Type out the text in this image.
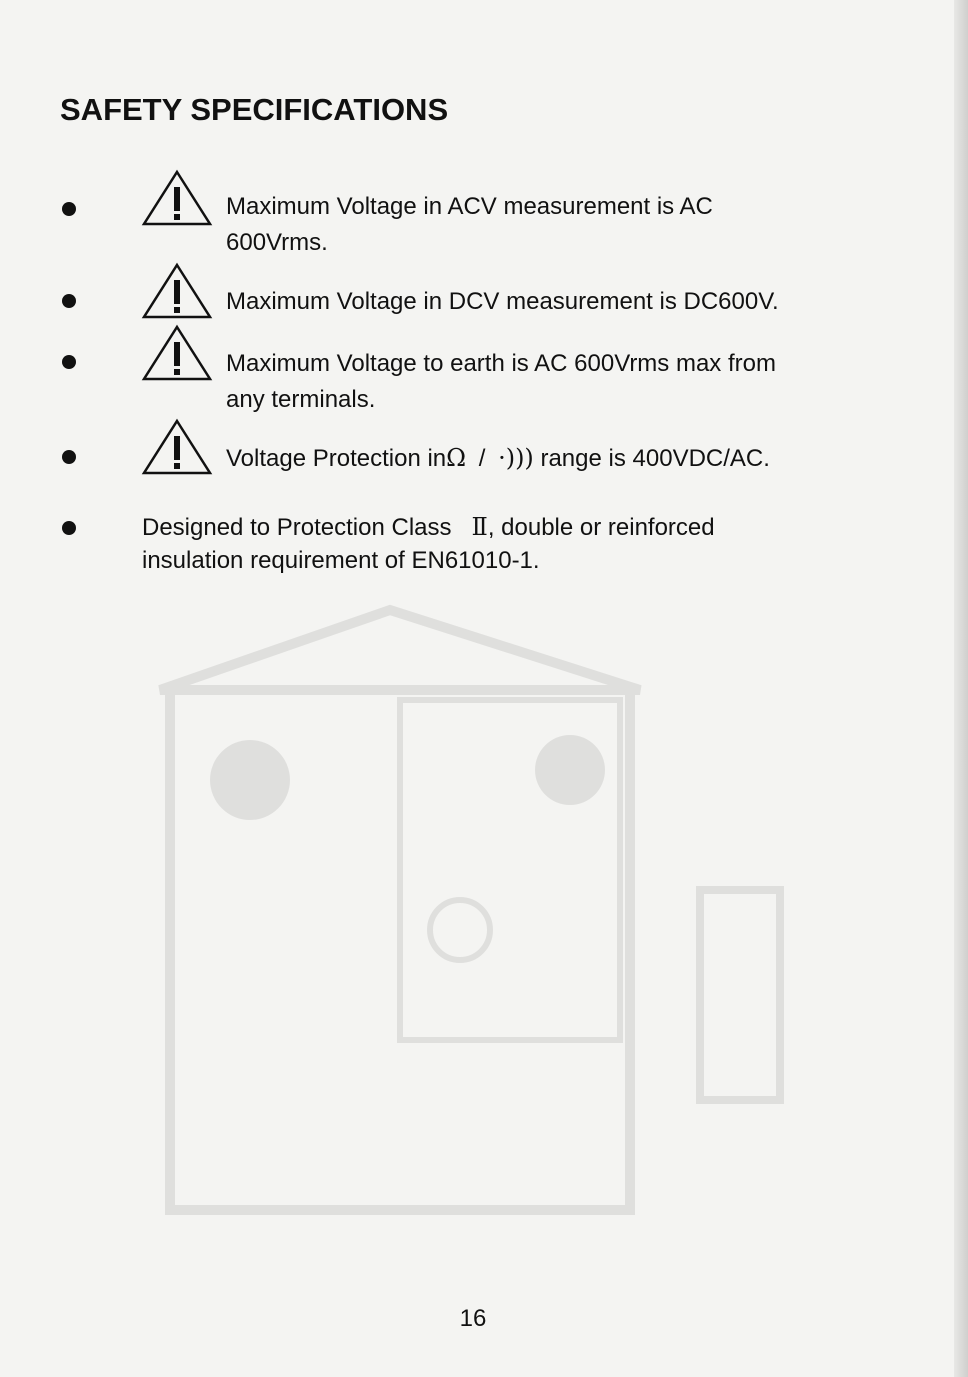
SAFETY SPECIFICATIONS

Maximum Voltage in ACV measurement is AC
600Vrms.

Maximum Voltage in DCV measurement is DC600V.

Maximum Voltage to earth is AC 600Vrms max from
any terminals.

Voltage Protection inΩ / ·))) range is 400VDC/AC.

Designed to Protection Class Ⅱ, double or reinforced
insulation requirement of EN61010-1.

16
